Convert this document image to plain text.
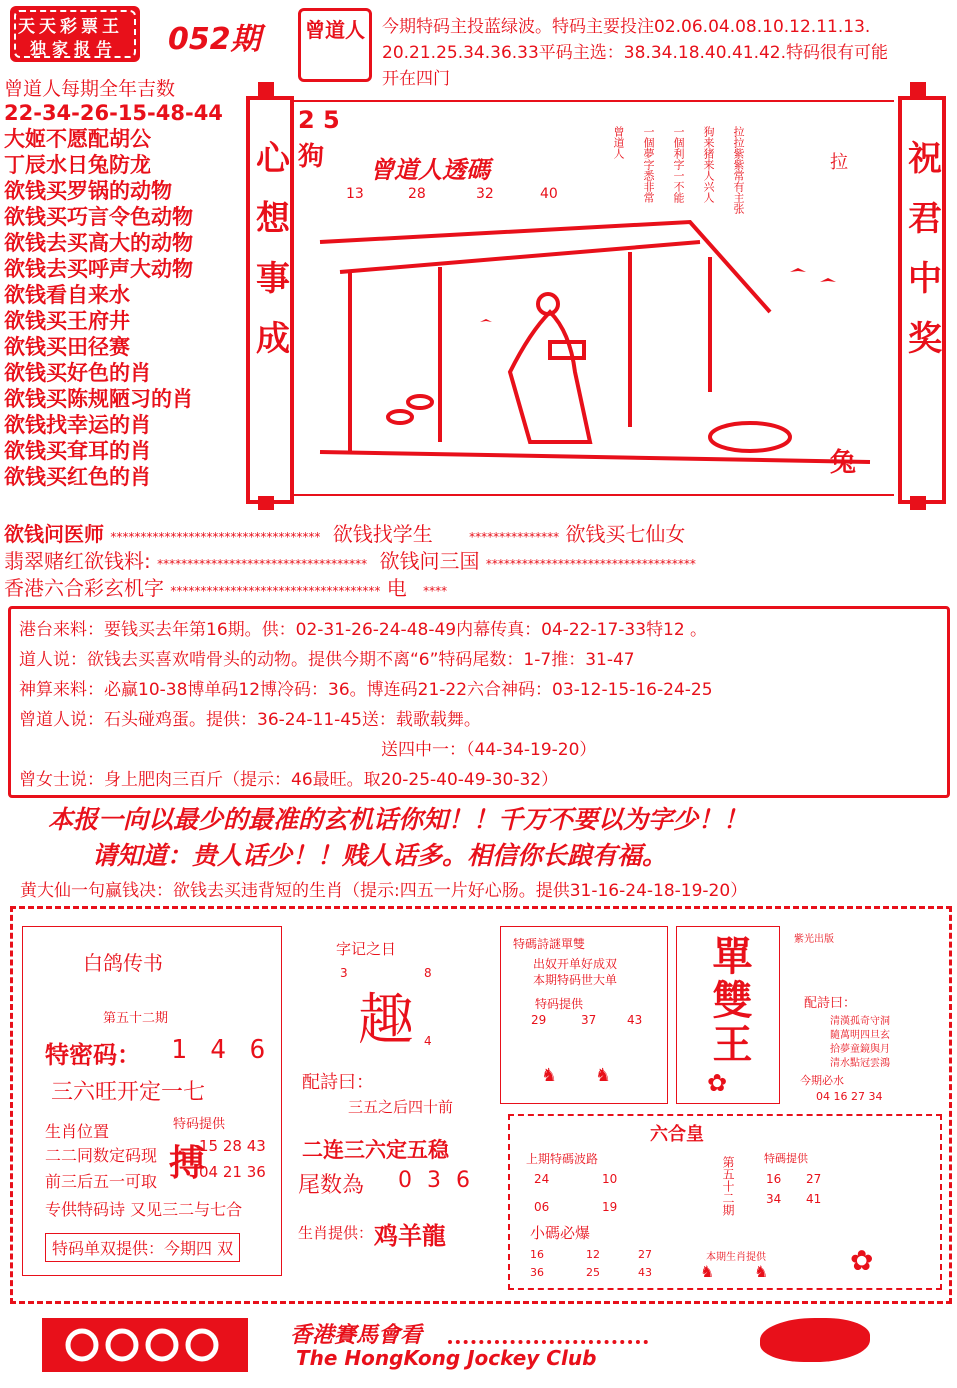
天天彩票王
独家报告 052期 曾道人 今期特码主投蓝绿波。特码主要投注02.06.04.08.10.12.11.13.
20.21.25.34.36.33平码主选：38.34.18.40.41.42.特码很有可能
开在四门
曾道人每期全年吉数
22-34-26-15-48-44
大姬不愿配胡公
丁辰水日兔防龙
欲钱买罗锅的动物
欲钱买巧言令色动物
欲钱去买高大的动物
欲钱去买呼声大动物
欲钱看自来水
欲钱买王府井
欲钱买田径赛
欲钱买好色的肖
欲钱买陈规陋习的肖
欲钱找幸运的肖
欲钱买耷耳的肖
欲钱买红色的肖
心想事成	祝君中奖
2 5
狗 曾道人透碼
13	28	32	40
拉
拉拉紫紫常有主张
狗来猪来人兴人
一個利字一不能
一個夢字悉非常
曾道人
兔
欲钱问医师 *********************************** 欲钱找学生	*************** 欲钱买七仙女
翡翠赌红欲钱料: *********************************** 欲钱问三国 ***********************************
香港六合彩玄机字 *********************************** 电 ****
港台来料：要钱买去年第16期。供：02-31-26-24-48-49内幕传真：04-22-17-33特12 。
道人说：欲钱去买喜欢啃骨头的动物。提供今期不离“6”特码尾数：1-7推：31-47
神算来料：必赢10-38博单码12博冷码：36。博连码21-22六合神码：03-12-15-16-24-25
曾道人说：石头碰鸡蛋。提供：36-24-11-45送：载歌载舞。
送四中一：（44-34-19-20）
曾女士说：身上肥肉三百斤（提示：46最旺。取20-25-40-49-30-32）
本报一向以最少的最准的玄机话你知！！千万不要以为字少！！
请知道：贵人话少！！贱人话多。相信你长踉有福。
黄大仙一句赢钱决：欲钱去买违背短的生肖（提示:四五一片好心肠。提供31-16-24-18-19-20）
白鸽传书
第五十二期
特密码： 1 4 6
三六旺开定一七
生肖位置	特码提供
搏
15 28 43
04 21 36
二二同数定码现
前三后五一可取
专供特码诗 又见三二与七合
特码单双提供：今期四 双
字记之日
3	8
趣 4
配詩曰：
三五之后四十前
二连三六定五稳
尾数為 0 3 6
生肖提供： 鸡羊龍
特碼詩謎單雙
出奴开单好成双
本期特码世大单
特码提供
29	37	43
♞ ♞
單雙王
✿
紫光出版
配詩曰：
清漢孤奇守洞
隨萬明四旦玄
拾夢童鏡與月
清水點冠雲鴻
今期必水
04 16 27 34
六合皇
上期特碼波路
24	10
06	19
小碼必爆
16	12	27
36	25	43
第五十二期	特碼提供
16 27
34 41
本期生肖提供
♞ ♞	✿
香港賽馬會看
The HongKong Jockey Club
